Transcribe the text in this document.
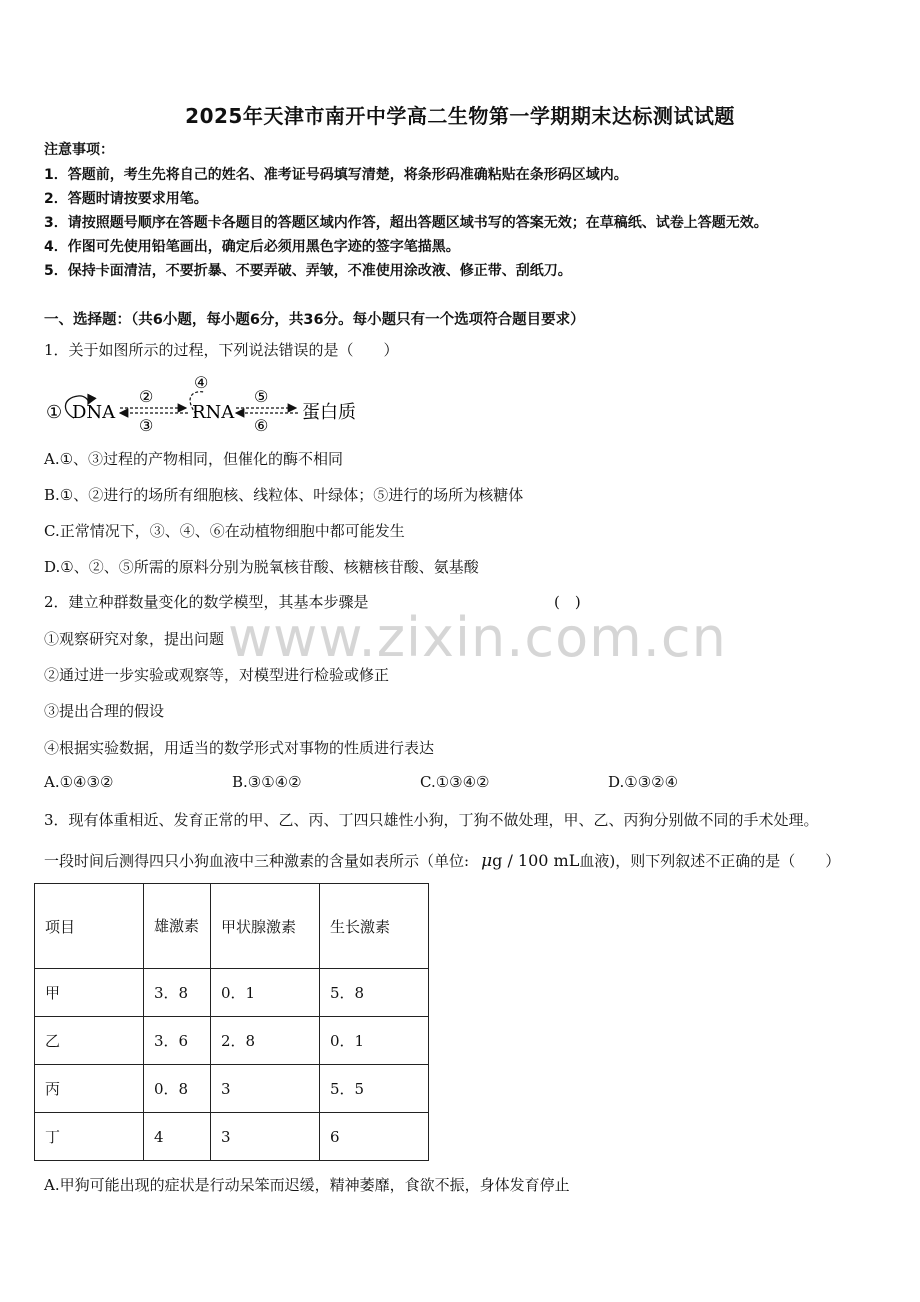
www.zixin.com.cn
2025年天津市南开中学高二生物第一学期期末达标测试试题
注意事项：
1．答题前，考生先将自己的姓名、准考证号码填写清楚，将条形码准确粘贴在条形码区域内。
2．答题时请按要求用笔。
3．请按照题号顺序在答题卡各题目的答题区域内作答，超出答题区域书写的答案无效；在草稿纸、试卷上答题无效。
4．作图可先使用铅笔画出，确定后必须用黑色字迹的签字笔描黑。
5．保持卡面清洁，不要折暴、不要弄破、弄皱，不准使用涂改液、修正带、刮纸刀。
一、选择题：（共6小题，每小题6分，共36分。每小题只有一个选项符合题目要求）
1．关于如图所示的过程，下列说法错误的是（　　）
① DNA
②
③
④
RNA
⑤
⑥
蛋白质
A.①、③过程的产物相同，但催化的酶不相同
B.①、②进行的场所有细胞核、线粒体、叶绿体；⑤进行的场所为核糖体
C.正常情况下，③、④、⑥在动植物细胞中都可能发生
D.①、②、⑤所需的原料分别为脱氧核苷酸、核糖核苷酸、氨基酸
2．建立种群数量变化的数学模型，其基本步骤是	(　)
①观察研究对象，提出问题
②通过进一步实验或观察等，对模型进行检验或修正
③提出合理的假设
④根据实验数据，用适当的数学形式对事物的性质进行表达
A.①④③②	B.③①④②	C.①③④②	D.①③②④
3．现有体重相近、发育正常的甲、乙、丙、丁四只雄性小狗，丁狗不做处理，甲、乙、丙狗分别做不同的手术处理。
一段时间后测得四只小狗血液中三种激素的含量如表所示（单位: μg / 100 mL血液)，则下列叙述不正确的是（　　）
项目	雄激素	甲状腺激素	生长激素
甲	3．8	0．1	5．8
乙	3．6	2．8	0．1
丙	0．8	3	5．5
丁	4	3	6
A.甲狗可能出现的症状是行动呆笨而迟缓，精神萎靡，食欲不振，身体发育停止
